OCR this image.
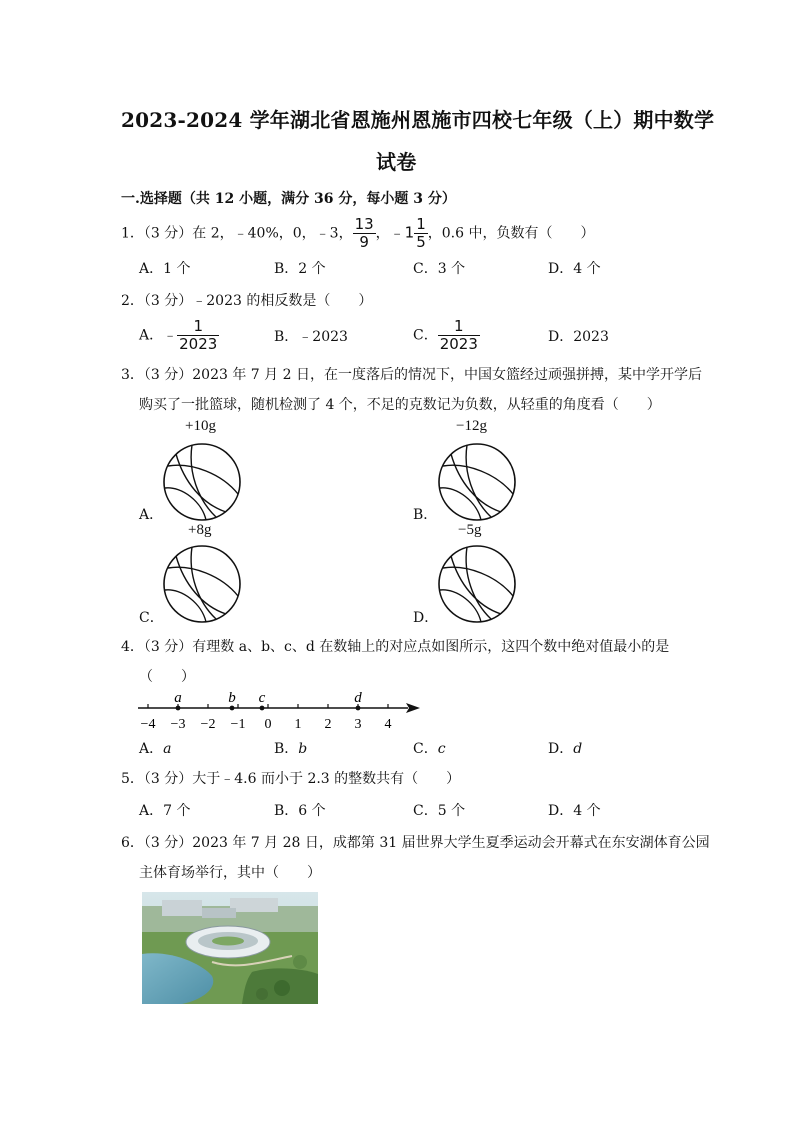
2023-2024 学年湖北省恩施州恩施市四校七年级（上）期中数学
试卷
一.选择题（共 12 小题，满分 36 分，每小题 3 分）
1．（3 分）在 2，﹣40%，0，﹣3， $\frac{13}{9}$ ，﹣1 $\frac{1}{5}$ ，0.6 中，负数有（　　）
A．1 个	B．2 个	C．3 个	D．4 个
2．（3 分）﹣2023 的相反数是（　　）
A．﹣ $\frac{1}{2023}$	B．﹣2023	C． $\frac{1}{2023}$	D．2023
3．（3 分）2023 年 7 月 2 日，在一度落后的情况下，中国女篮经过顽强拼搏，某中学开学后
购买了一批篮球，随机检测了 4 个，不足的克数记为负数，从轻重的角度看（　　）
+10g
A．
−12g
B．
+8g
C．
−5g
D．
4．（3 分）有理数 a、b、c、d 在数轴上的对应点如图所示，这四个数中绝对值最小的是
（　　）
−4 −3 −2 −1 0 1 2 3 4
a	b c	d
A．a	B．b	C．c	D．d
5．（3 分）大于﹣4.6 而小于 2.3 的整数共有（　　）
A．7 个	B．6 个	C．5 个	D．4 个
6．（3 分）2023 年 7 月 28 日，成都第 31 届世界大学生夏季运动会开幕式在东安湖体育公园
主体育场举行，其中（　　）
